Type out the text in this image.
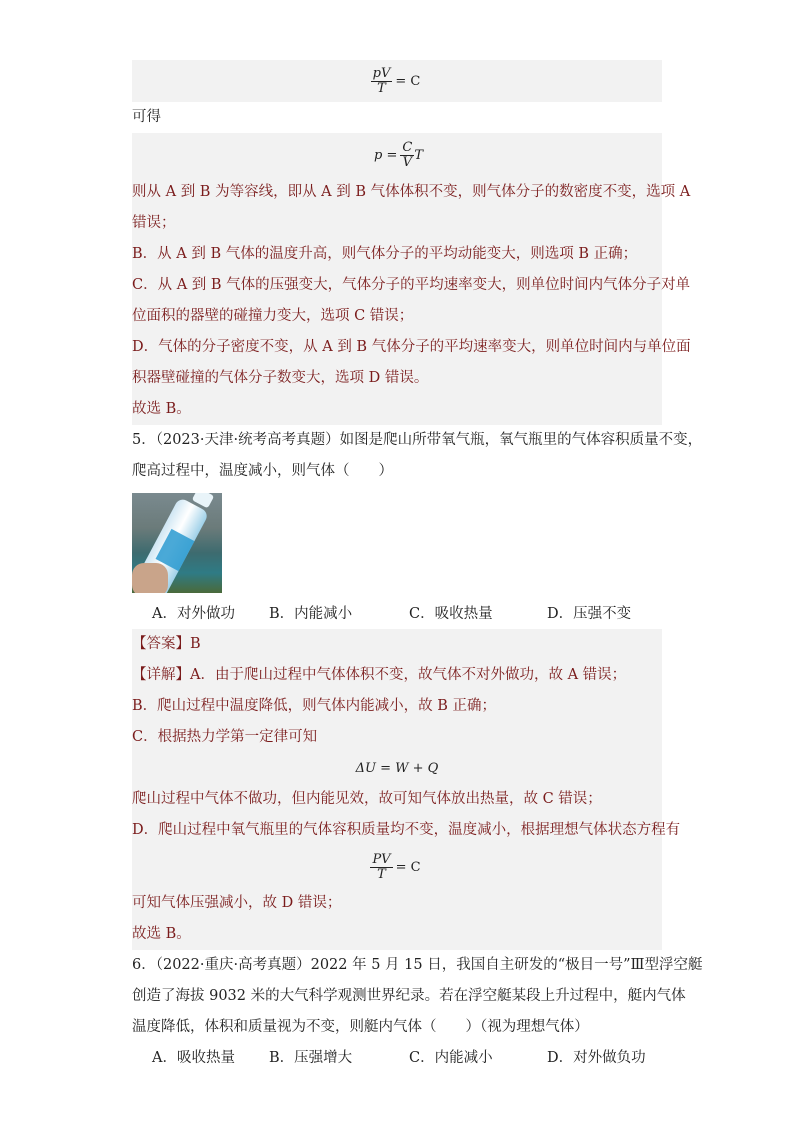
$\frac{pV}{T} = C$
可得
$p = \frac{C}{V}$ T
则从 A 到 B 为等容线，即从 A 到 B 气体体积不变，则气体分子的数密度不变，选项 A
错误；
B．从 A 到 B 气体的温度升高，则气体分子的平均动能变大，则选项 B 正确；
C．从 A 到 B 气体的压强变大，气体分子的平均速率变大，则单位时间内气体分子对单
位面积的器壁的碰撞力变大，选项 C 错误；
D．气体的分子密度不变，从 A 到 B 气体分子的平均速率变大，则单位时间内与单位面
积器壁碰撞的气体分子数变大，选项 D 错误。
故选 B。
5．（2023·天津·统考高考真题）如图是爬山所带氧气瓶，氧气瓶里的气体容积质量不变，
爬高过程中，温度减小，则气体（　　）
A．对外做功	B．内能减小	C．吸收热量	D．压强不变
【答案】B
【详解】A．由于爬山过程中气体体积不变，故气体不对外做功，故 A 错误；
B．爬山过程中温度降低，则气体内能减小，故 B 正确；
C．根据热力学第一定律可知
ΔU = W + Q
爬山过程中气体不做功，但内能见效，故可知气体放出热量，故 C 错误；
D．爬山过程中氧气瓶里的气体容积质量均不变，温度减小，根据理想气体状态方程有
$\frac{PV}{T} = C$
可知气体压强减小，故 D 错误；
故选 B。
6．（2022·重庆·高考真题）2022 年 5 月 15 日，我国自主研发的“极目一号”Ⅲ型浮空艇
创造了海拔 9032 米的大气科学观测世界纪录。若在浮空艇某段上升过程中，艇内气体
温度降低，体积和质量视为不变，则艇内气体（　　）（视为理想气体）
A．吸收热量	B．压强增大	C．内能减小	D．对外做负功
